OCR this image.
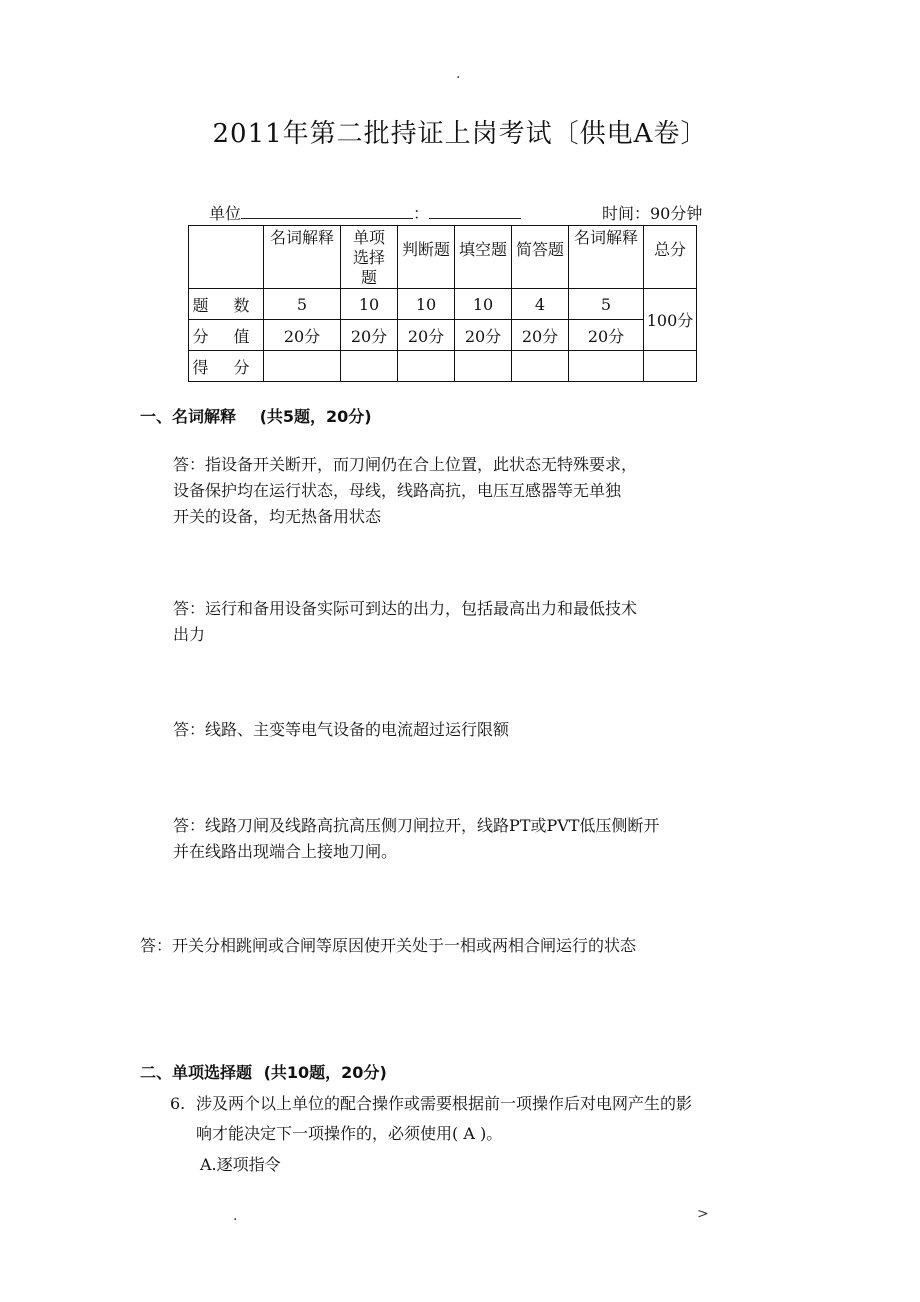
.
2011年第二批持证上岗考试〔供电A卷〕
单位	：	时间：90分钟

	名词解释	单项选择题	判断题	填空题	简答题	名词解释	总分

题 数	5	10	10	10	4	5	100分
分 值	20分	20分	20分	20分	20分	20分	
得 分							
一、名词解释 (共5题，20分)
答：指设备开关断开，而刀闸仍在合上位置，此状态无特殊要求，
设备保护均在运行状态，母线，线路高抗，电压互感器等无单独
开关的设备，均无热备用状态
答：运行和备用设备实际可到达的出力，包括最高出力和最低技术
出力
答：线路、主变等电气设备的电流超过运行限额
答：线路刀闸及线路高抗高压侧刀闸拉开，线路PT或PVT低压侧断开
并在线路出现端合上接地刀闸。
答：开关分相跳闸或合闸等原因使开关处于一相或两相合闸运行的状态
二、单项选择题 (共10题，20分)
6. 涉及两个以上单位的配合操作或需要根据前一项操作后对电网产生的影
响才能决定下一项操作的，必须使用( A )。
A.逐项指令
.	>
